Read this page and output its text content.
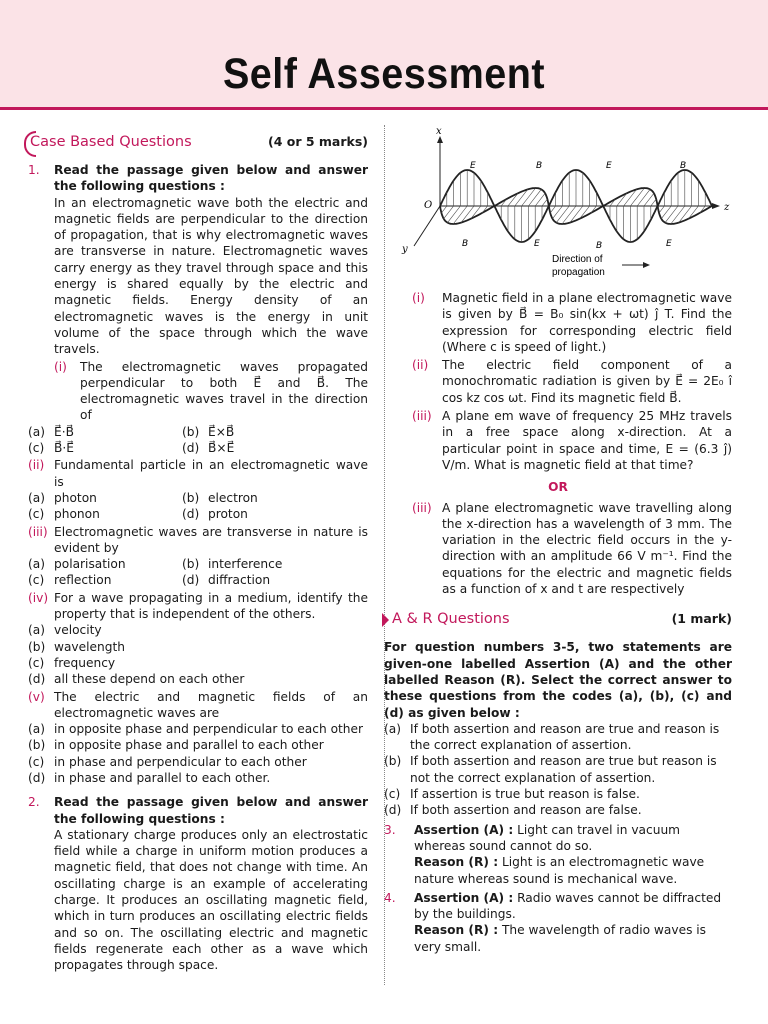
Self Assessment
Case Based Questions	(4 or 5 marks)
1.	Read the passage given below and answer the following questions :
In an electromagnetic wave both the electric and magnetic fields are perpendicular to the direction of propagation, that is why electromagnetic waves are transverse in nature. Electromagnetic waves carry energy as they travel through space and this energy is shared equally by the electric and magnetic fields. Energy density of an electromagnetic waves is the energy in unit volume of the space through which the wave travels.
(i)	The electromagnetic waves propagated perpendicular to both E⃗ and B⃗. The electromagnetic waves travel in the direction of
(a) E⃗·B⃗	(b) E⃗×B⃗
(c) B⃗·E⃗	(d) B⃗×E⃗
(ii) Fundamental particle in an electromagnetic wave is
(a) photon	(b) electron
(c) phonon	(d) proton
(iii) Electromagnetic waves are transverse in nature is evident by
(a) polarisation	(b) interference
(c) reflection	(d) diffraction
(iv) For a wave propagating in a medium, identify the property that is independent of the others.
(a) velocity
(b) wavelength
(c) frequency
(d) all these depend on each other
(v) The electric and magnetic fields of an electromagnetic waves are
(a) in opposite phase and perpendicular to each other
(b) in opposite phase and parallel to each other
(c) in phase and perpendicular to each other
(d) in phase and parallel to each other.
2.	Read the passage given below and answer the following questions :
A stationary charge produces only an electrostatic field while a charge in uniform motion produces a magnetic field, that does not change with time. An oscillating charge is an example of accelerating charge. It produces an oscillating magnetic field, which in turn produces an oscillating electric fields and so on. The oscillating electric and magnetic fields regenerate each other as a wave which propagates through space.
x
O
y
z
E	B	E	B
B	E	B	E
Direction of
propagation
(i)	Magnetic field in a plane electromagnetic wave is given by B⃗ = B₀ sin(kx + ωt) ĵ T. Find the expression for corresponding electric field (Where c is speed of light.)
(ii)	The electric field component of a monochromatic radiation is given by E⃗ = 2E₀ î cos kz cos ωt. Find its magnetic field B⃗.
(iii) A plane em wave of frequency 25 MHz travels in a free space along x-direction. At a particular point in space and time, E = (6.3 ĵ) V/m. What is magnetic field at that time?
OR
(iii) A plane electromagnetic wave travelling along the x-direction has a wavelength of 3 mm. The variation in the electric field occurs in the y-direction with an amplitude 66 V m⁻¹. Find the equations for the electric and magnetic fields as a function of x and t are respectively
A & R Questions	(1 mark)
For question numbers 3-5, two statements are given-one labelled Assertion (A) and the other labelled Reason (R). Select the correct answer to these questions from the codes (a), (b), (c) and (d) as given below :
(a) If both assertion and reason are true and reason is the correct explanation of assertion.
(b) If both assertion and reason are true but reason is not the correct explanation of assertion.
(c) If assertion is true but reason is false.
(d) If both assertion and reason are false.
3.	Assertion (A) : Light can travel in vacuum whereas sound cannot do so.
Reason (R) : Light is an electromagnetic wave nature whereas sound is mechanical wave.
4.	Assertion (A) : Radio waves cannot be diffracted by the buildings.
Reason (R) : The wavelength of radio waves is very small.
